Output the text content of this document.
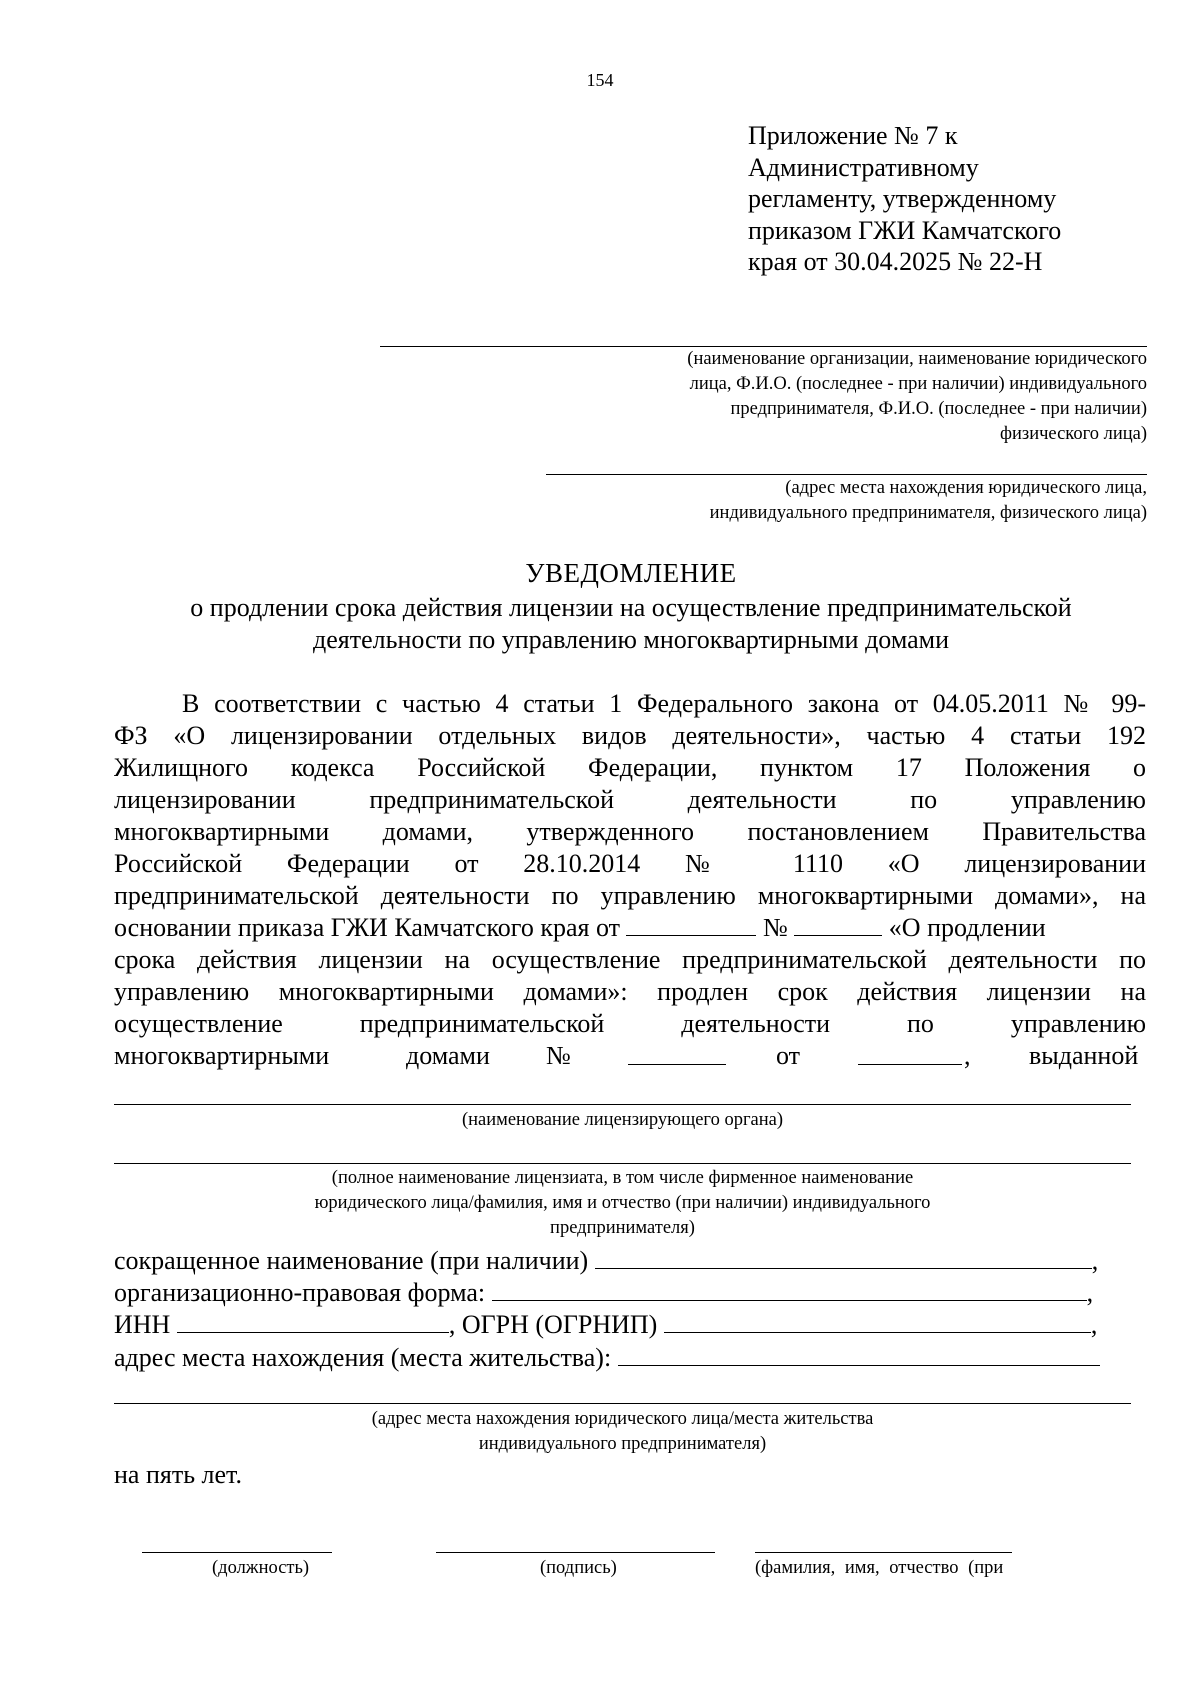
154
Приложение № 7 к
Административному
регламенту, утвержденному
приказом ГЖИ Камчатского
края от 30.04.2025 № 22-Н
(наименование организации, наименование юридического
лица, Ф.И.О. (последнее - при наличии) индивидуального
предпринимателя, Ф.И.О. (последнее - при наличии)
физического лица)
(адрес места нахождения юридического лица,
индивидуального предпринимателя, физического лица)
УВЕДОМЛЕНИЕ
о продлении срока действия лицензии на осуществление предпринимательской
деятельности по управлению многоквартирными домами
В соответствии с частью 4 статьи 1 Федерального закона от 04.05.2011 № 99-
ФЗ «О лицензировании отдельных видов деятельности», частью 4 статьи 192
Жилищного кодекса Российской Федерации, пунктом 17 Положения о
лицензировании предпринимательской деятельности по управлению
многоквартирными домами, утвержденного постановлением Правительства
Российской Федерации от 28.10.2014 № 1110 «О лицензировании
предпринимательской деятельности по управлению многоквартирными домами», на
основании приказа ГЖИ Камчатского края от	№	«О продлении
срока действия лицензии на осуществление предпринимательской деятельности по
управлению многоквартирными домами»: продлен срок действия лицензии на
осуществление предпринимательской деятельности по управлению
многоквартирными	домами №	от	, выданной
(наименование лицензирующего органа)
(полное наименование лицензиата, в том числе фирменное наименование
юридического лица/фамилия, имя и отчество (при наличии) индивидуального
предпринимателя)
сокращенное наименование (при наличии)	,
организационно-правовая форма:	,
ИНН	, ОГРН (ОГРНИП)	,
адрес места нахождения (места жительства):
(адрес места нахождения юридического лица/места жительства
индивидуального предпринимателя)
на пять лет.
(должность)	(подпись)	(фамилия, имя, отчество (при
